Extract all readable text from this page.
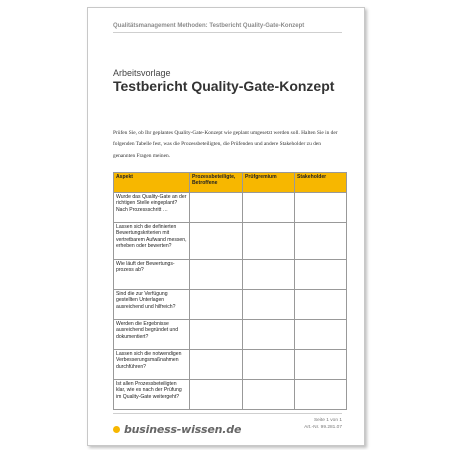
Qualitätsmanagement Methoden: Testbericht Quality-Gate-Konzept
Arbeitsvorlage
Testbericht Quality-Gate-Konzept
Prüfen Sie, ob Ihr geplantes Quality-Gate-Konzept wie geplant umgesetzt werden soll. Halten Sie in der folgenden Tabelle fest, was die Prozessbeteiligten, die Prüfenden und andere Stakeholder zu den genannten Fragen meinen.
Aspekt	Prozessbeteiligte, Betroffene	Prüfgremium	Stakeholder
Wurde das Quality-Gate an der richtigen Stelle eingeplant? Nach Prozessschritt …			
Lassen sich die definierten Bewertungskriterien mit vertretbarem Aufwand messen, erheben oder bewerten?			
Wie läuft der Bewertungs-prozess ab?			
Sind die zur Verfügung gestellten Unterlagen ausreichend und hilfreich?			
Werden die Ergebnisse ausreichend begründet und dokumentiert?			
Lassen sich die notwendigen Verbesserungsmaßnahmen durchführen?			
Ist allen Prozessbeteiligten klar, wie es nach der Prüfung im Quality-Gate weitergeht?			
business-wissen.de
Seite 1 von 1
Art.-Nr. 99.281.07
